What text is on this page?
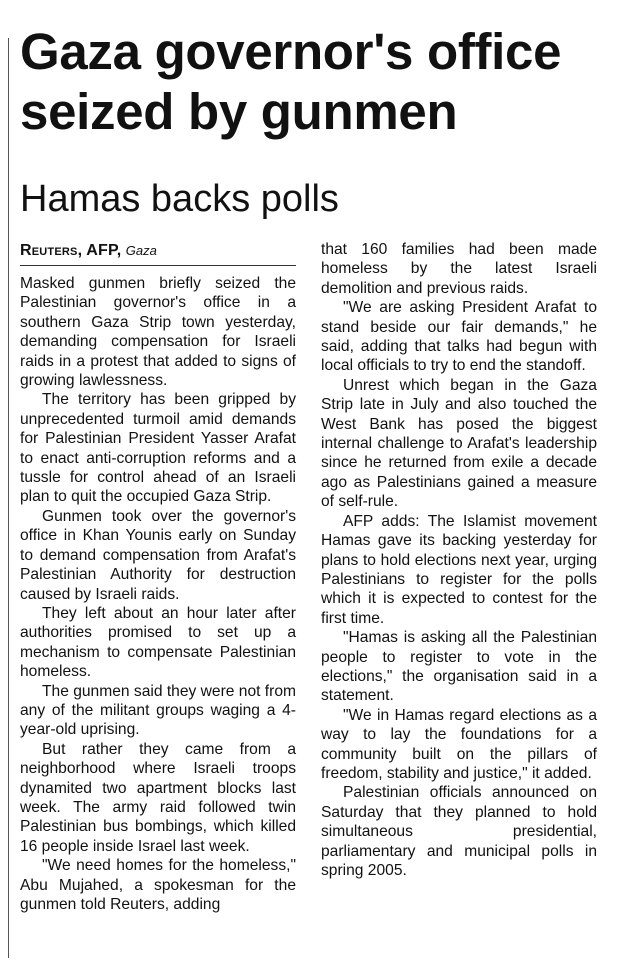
Gaza governor's office seized by gunmen
Hamas backs polls
Reuters, AFP, Gaza

Masked gunmen briefly seized the Palestinian governor's office in a southern Gaza Strip town yesterday, demanding compensation for Israeli raids in a protest that added to signs of growing lawlessness.

The territory has been gripped by unprecedented turmoil amid demands for Palestinian President Yasser Arafat to enact anti-corruption reforms and a tussle for control ahead of an Israeli plan to quit the occupied Gaza Strip.

Gunmen took over the governor's office in Khan Younis early on Sunday to demand compensation from Arafat's Palestinian Authority for destruction caused by Israeli raids.

They left about an hour later after authorities promised to set up a mechanism to compensate Palestinian homeless.

The gunmen said they were not from any of the militant groups waging a 4-year-old uprising.

But rather they came from a neighborhood where Israeli troops dynamited two apartment blocks last week. The army raid followed twin Palestinian bus bombings, which killed 16 people inside Israel last week.

"We need homes for the homeless," Abu Mujahed, a spokesman for the gunmen told Reuters, adding

that 160 families had been made homeless by the latest Israeli demolition and previous raids.

"We are asking President Arafat to stand beside our fair demands," he said, adding that talks had begun with local officials to try to end the standoff.

Unrest which began in the Gaza Strip late in July and also touched the West Bank has posed the biggest internal challenge to Arafat's leadership since he returned from exile a decade ago as Palestinians gained a measure of self-rule.

AFP adds: The Islamist movement Hamas gave its backing yesterday for plans to hold elections next year, urging Palestinians to register for the polls which it is expected to contest for the first time.

"Hamas is asking all the Palestinian people to register to vote in the elections," the organisation said in a statement.

"We in Hamas regard elections as a way to lay the foundations for a community built on the pillars of freedom, stability and justice," it added.

Palestinian officials announced on Saturday that they planned to hold simultaneous presidential, parliamentary and municipal polls in spring 2005.
